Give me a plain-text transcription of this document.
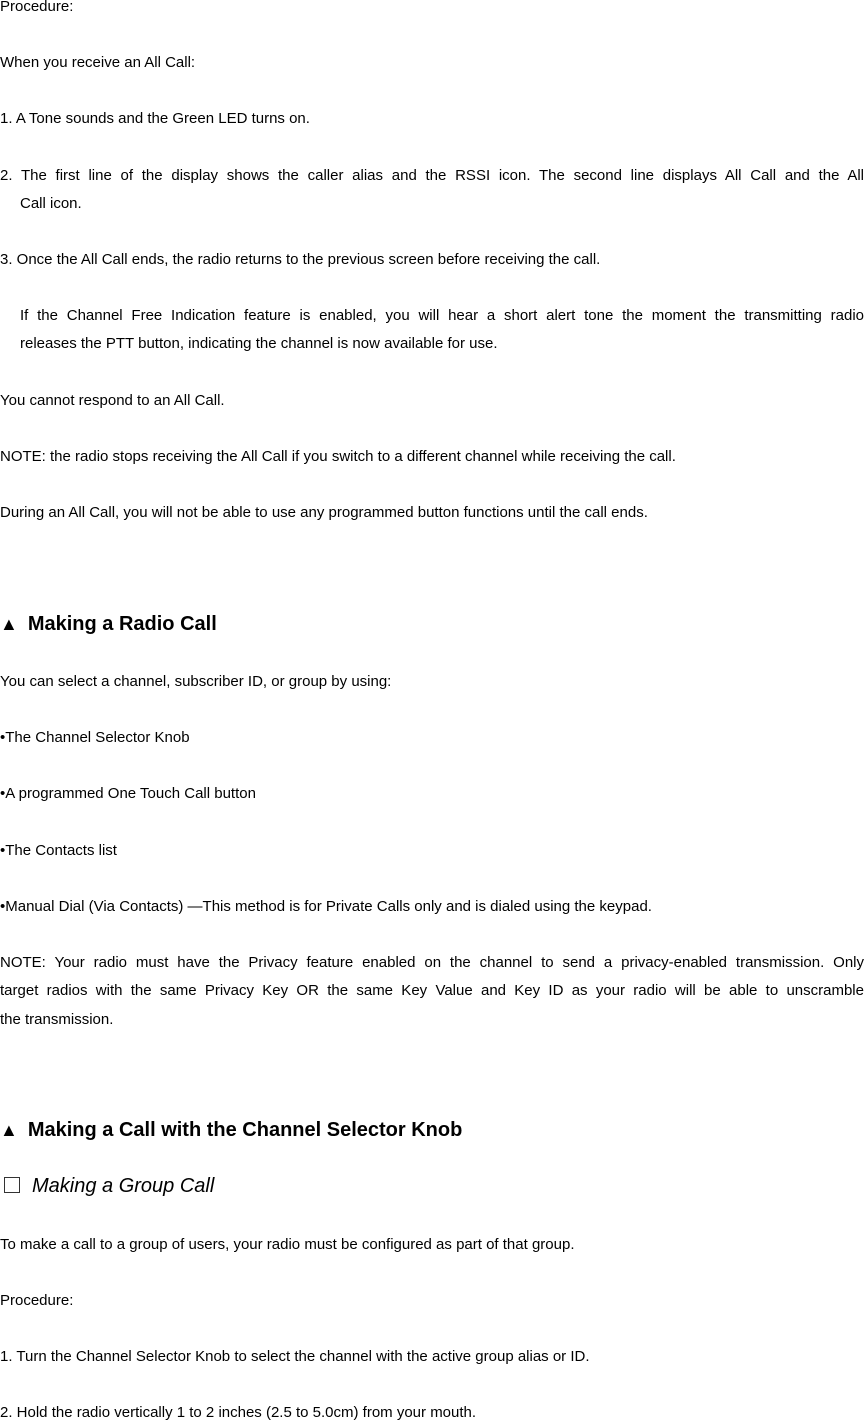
Procedure:
When you receive an All Call:
1. A Tone sounds and the Green LED turns on.
2. The first line of the display shows the caller alias and the RSSI icon. The second line displays All Call and the All
Call icon.
3. Once the All Call ends, the radio returns to the previous screen before receiving the call.
If the Channel Free Indication feature is enabled, you will hear a short alert tone the moment the transmitting radio
releases the PTT button, indicating the channel is now available for use.
You cannot respond to an All Call.
NOTE: the radio stops receiving the All Call if you switch to a different channel while receiving the call.
During an All Call, you will not be able to use any programmed button functions until the call ends.
▲ Making a Radio Call
You can select a channel, subscriber ID, or group by using:
•The Channel Selector Knob
•A programmed One Touch Call button
•The Contacts list
•Manual Dial (Via Contacts) —This method is for Private Calls only and is dialed using the keypad.
NOTE: Your radio must have the Privacy feature enabled on the channel to send a privacy-enabled transmission. Only
target radios with the same Privacy Key OR the same Key Value and Key ID as your radio will be able to unscramble
the transmission.
▲ Making a Call with the Channel Selector Knob
Making a Group Call
To make a call to a group of users, your radio must be configured as part of that group.
Procedure:
1. Turn the Channel Selector Knob to select the channel with the active group alias or ID.
2. Hold the radio vertically 1 to 2 inches (2.5 to 5.0cm) from your mouth.
